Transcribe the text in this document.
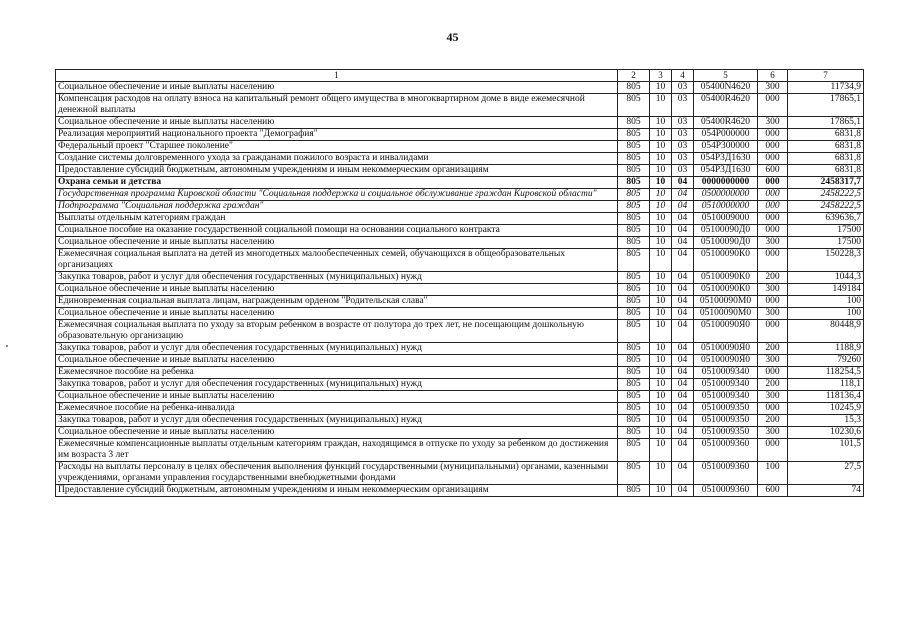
45
1	2	3	4	5	6	7
Социальное обеспечение и иные выплаты населению	805	10	03	05400N4620	300	11734,9
Компенсация расходов на оплату взноса на капитальный ремонт общего имущества в многоквартирном доме в виде ежемесячной денежной выплаты	805	10	03	05400R4620	000	17865,1
Социальное обеспечение и иные выплаты населению	805	10	03	05400R4620	300	17865,1
Реализация мероприятий национального проекта "Демография"	805	10	03	054P000000	000	6831,8
Федеральный проект "Старшее поколение"	805	10	03	054P300000	000	6831,8
Создание системы долговременного ухода за гражданами пожилого возраста и инвалидами	805	10	03	054P3Д1630	000	6831,8
Предоставление субсидий бюджетным, автономным учреждениям и иным некоммерческим организациям	805	10	03	054P3Д1630	600	6831,8
Охрана семьи и детства	805	10	04	0000000000	000	2458317,7
Государственная программа Кировской области "Социальная поддержка и социальное обслуживание граждан Кировской области"	805	10	04	0500000000	000	2458222,5
Подпрограмма "Социальная поддержка граждан"	805	10	04	0510000000	000	2458222,5
Выплаты отдельным категориям граждан	805	10	04	0510009000	000	639636,7
Социальное пособие на оказание государственной социальной помощи на основании социального контракта	805	10	04	05100090Д0	000	17500
Социальное обеспечение и иные выплаты населению	805	10	04	05100090Д0	300	17500
Ежемесячная социальная выплата на детей из многодетных малообеспеченных семей, обучающихся в общеобразовательных организациях	805	10	04	05100090К0	000	150228,3
Закупка товаров, работ и услуг для обеспечения государственных (муниципальных) нужд	805	10	04	05100090К0	200	1044,3
Социальное обеспечение и иные выплаты населению	805	10	04	05100090К0	300	149184
Единовременная социальная выплата лицам, награжденным орденом "Родительская слава"	805	10	04	05100090М0	000	100
Социальное обеспечение и иные выплаты населению	805	10	04	05100090М0	300	100
Ежемесячная социальная выплата по уходу за вторым ребенком в возрасте от полутора до трех лет, не посещающим дошкольную образовательную организацию	805	10	04	05100090Я0	000	80448,9
Закупка товаров, работ и услуг для обеспечения государственных (муниципальных) нужд	805	10	04	05100090Я0	200	1188,9
Социальное обеспечение и иные выплаты населению	805	10	04	05100090Я0	300	79260
Ежемесячное пособие на ребенка	805	10	04	0510009340	000	118254,5
Закупка товаров, работ и услуг для обеспечения государственных (муниципальных) нужд	805	10	04	0510009340	200	118,1
Социальное обеспечение и иные выплаты населению	805	10	04	0510009340	300	118136,4
Ежемесячное пособие на ребенка-инвалида	805	10	04	0510009350	000	10245,9
Закупка товаров, работ и услуг для обеспечения государственных (муниципальных) нужд	805	10	04	0510009350	200	15,3
Социальное обеспечение и иные выплаты населению	805	10	04	0510009350	300	10230,6
Ежемесячные компенсационные выплаты отдельным категориям граждан, находящимся в отпуске по уходу за ребенком до достижения им возраста 3 лет	805	10	04	0510009360	000	101,5
Расходы на выплаты персоналу в целях обеспечения выполнения функций государственными (муниципальными) органами, казенными учреждениями, органами управления государственными внебюджетными фондами	805	10	04	0510009360	100	27,5
Предоставление субсидий бюджетным, автономным учреждениям и иным некоммерческим организациям	805	10	04	0510009360	600	74
